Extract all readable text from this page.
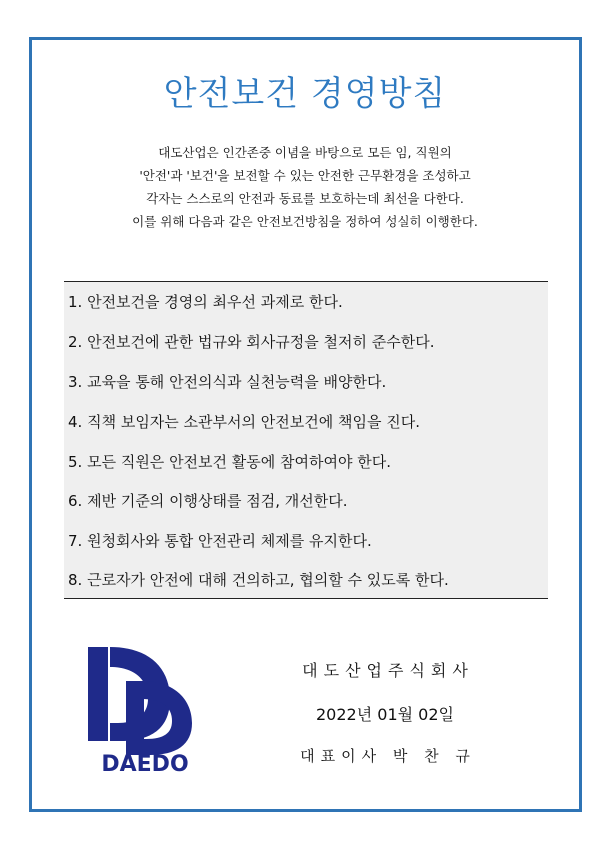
안전보건 경영방침
대도산업은 인간존중 이념을 바탕으로 모든 임, 직원의
'안전'과 '보건'을 보전할 수 있는 안전한 근무환경을 조성하고
각자는 스스로의 안전과 동료를 보호하는데 최선을 다한다.
이를 위해 다음과 같은 안전보건방침을 정하여 성실히 이행한다.
1. 안전보건을 경영의 최우선 과제로 한다.
2. 안전보건에 관한 법규와 회사규정을 철저히 준수한다.
3. 교육을 통해 안전의식과 실천능력을 배양한다.
4. 직책 보임자는 소관부서의 안전보건에 책임을 진다.
5. 모든 직원은 안전보건 활동에 참여하여야 한다.
6. 제반 기준의 이행상태를 점검, 개선한다.
7. 원청회사와 통합 안전관리 체제를 유지한다.
8. 근로자가 안전에 대해 건의하고, 협의할 수 있도록 한다.
DAEDO
대도산업주식회사
2022년 01월 02일
대표이사 박 찬 규
